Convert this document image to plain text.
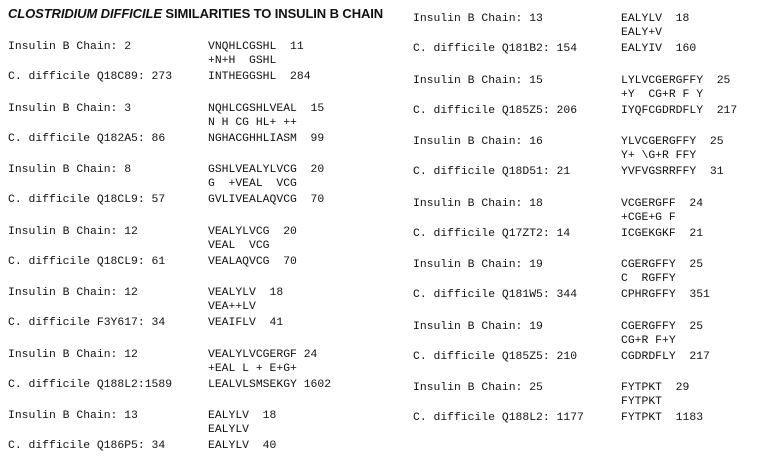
CLOSTRIDIUM DIFFICILE SIMILARITIES TO INSULIN B CHAIN
Insulin B Chain: 2	VNQHLCGSHL  11
+N+H  GSHL
C. difficile Q18C89: 273	INTHEGGSHL  284
Insulin B Chain: 3	NQHLCGSHLVEAL  15
N H CG HL+ ++
C. difficile Q182A5: 86	NGHACGHHLIASM  99
Insulin B Chain: 8	GSHLVEALYLVCG  20
G  +VEAL  VCG
C. difficile Q18CL9: 57	GVLIVEALAQVCG  70
Insulin B Chain: 12	VEALYLVCG  20
VEAL  VCG
C. difficile Q18CL9: 61	VEALAQVCG  70
Insulin B Chain: 12	VEALYLV  18
VEA++LV
C. difficile F3Y617: 34	VEAIFLV  41
Insulin B Chain: 12	VEALYLVCGERGF 24
+EAL L + E+G+
C. difficile Q188L2:1589	LEALVLSMSEKGY 1602
Insulin B Chain: 13	EALYLV  18
EALYLV
C. difficile Q186P5: 34	EALYLV  40
Insulin B Chain: 13	EALYLV  18
EALY+V
C. difficile Q181B2: 154	EALYIV  160
Insulin B Chain: 15	LYLVCGERGFFY  25
+Y  CG+R F Y
C. difficile Q185Z5: 206	IYQFCGDRDFLY  217
Insulin B Chain: 16	YLVCGERGFFY  25
Y+ \G+R FFY
C. difficile Q18D51: 21	YVFVGSRRFFY  31
Insulin B Chain: 18	VCGERGFF  24
+CGE+G F
C. difficile Q17ZT2: 14	ICGEKGKF  21
Insulin B Chain: 19	CGERGFFY  25
C  RGFFY
C. difficile Q181W5: 344	CPHRGFFY  351
Insulin B Chain: 19	CGERGFFY  25
CG+R F+Y
C. difficile Q185Z5: 210	CGDRDFLY  217
Insulin B Chain: 25	FYTPKT  29
FYTPKT
C. difficile Q188L2: 1177	FYTPKT  1183
